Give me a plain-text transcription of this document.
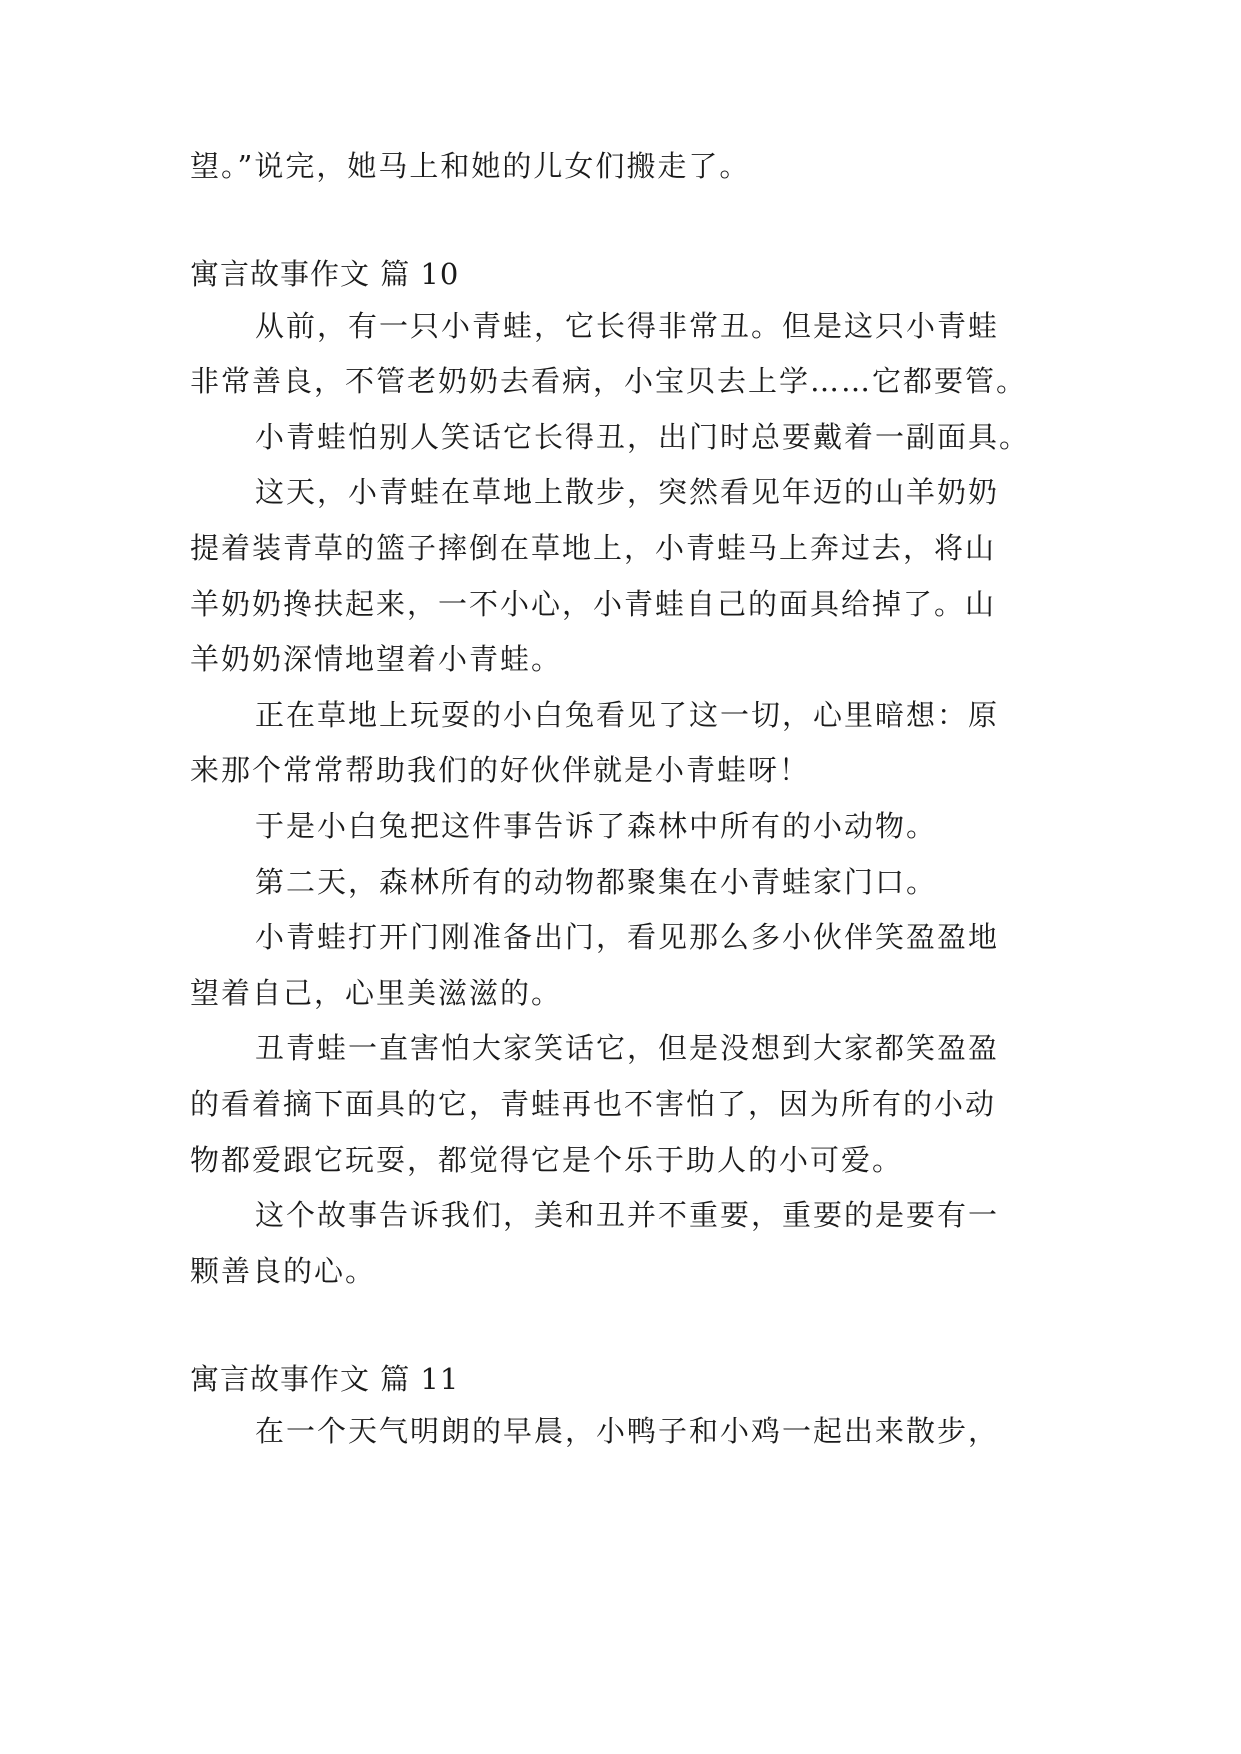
望。”说完，她马上和她的儿女们搬走了。
寓言故事作文 篇 10
从前，有一只小青蛙，它长得非常丑。但是这只小青蛙
非常善良，不管老奶奶去看病，小宝贝去上学……它都要管。
小青蛙怕别人笑话它长得丑，出门时总要戴着一副面具。
这天，小青蛙在草地上散步，突然看见年迈的山羊奶奶
提着装青草的篮子摔倒在草地上，小青蛙马上奔过去，将山
羊奶奶搀扶起来，一不小心，小青蛙自己的面具给掉了。山
羊奶奶深情地望着小青蛙。
正在草地上玩耍的小白兔看见了这一切，心里暗想：原
来那个常常帮助我们的好伙伴就是小青蛙呀！
于是小白兔把这件事告诉了森林中所有的小动物。
第二天，森林所有的动物都聚集在小青蛙家门口。
小青蛙打开门刚准备出门，看见那么多小伙伴笑盈盈地
望着自己，心里美滋滋的。
丑青蛙一直害怕大家笑话它，但是没想到大家都笑盈盈
的看着摘下面具的它，青蛙再也不害怕了，因为所有的小动
物都爱跟它玩耍，都觉得它是个乐于助人的小可爱。
这个故事告诉我们，美和丑并不重要，重要的是要有一
颗善良的心。
寓言故事作文 篇 11
在一个天气明朗的早晨，小鸭子和小鸡一起出来散步，
